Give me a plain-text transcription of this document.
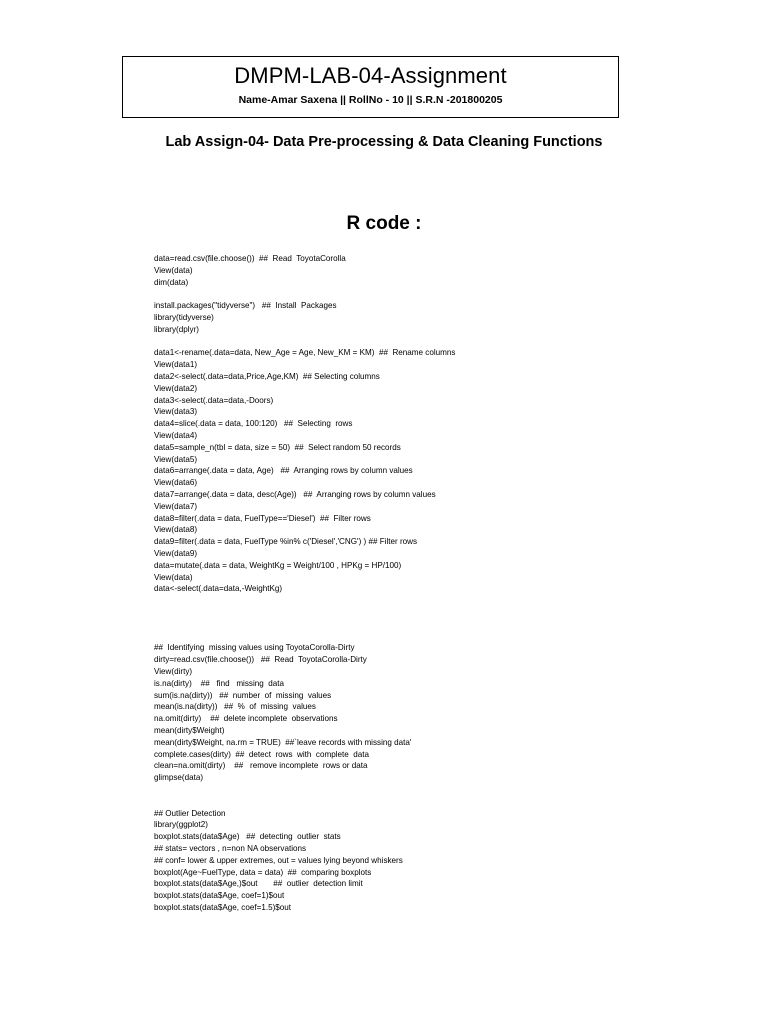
DMPM-LAB-04-Assignment
Name-Amar Saxena || RollNo - 10 || S.R.N -201800205
Lab Assign-04- Data Pre-processing & Data Cleaning Functions
R code :
data=read.csv(file.choose())  ##  Read  ToyotaCorolla
View(data)
dim(data)
install.packages("tidyverse")   ##  Install  Packages
library(tidyverse)
library(dplyr)
data1<-rename(.data=data, New_Age = Age, New_KM = KM)  ##  Rename columns
View(data1)
data2<-select(.data=data,Price,Age,KM)  ## Selecting columns
View(data2)
data3<-select(.data=data,-Doors)
View(data3)
data4=slice(.data = data, 100:120)   ##  Selecting  rows
View(data4)
data5=sample_n(tbl = data, size = 50)  ##  Select random 50 records
View(data5)
data6=arrange(.data = data, Age)   ##  Arranging rows by column values
View(data6)
data7=arrange(.data = data, desc(Age))   ##  Arranging rows by column values
View(data7)
data8=filter(.data = data, FuelType=='Diesel')  ##  Filter rows
View(data8)
data9=filter(.data = data, FuelType %in% c('Diesel','CNG') ) ## Filter rows
View(data9)
data=mutate(.data = data, WeightKg = Weight/100 , HPKg = HP/100)
View(data)
data<-select(.data=data,-WeightKg)
##  Identifying  missing values using ToyotaCorolla-Dirty
dirty=read.csv(file.choose())   ##  Read  ToyotaCorolla-Dirty
View(dirty)
is.na(dirty)    ##   find   missing  data
sum(is.na(dirty))   ##  number  of  missing  values
mean(is.na(dirty))   ##  %  of  missing  values
na.omit(dirty)    ##  delete incomplete  observations
mean(dirty$Weight)
mean(dirty$Weight, na.rm = TRUE)  ##`leave records with missing data'
complete.cases(dirty)  ##  detect  rows  with  complete  data
clean=na.omit(dirty)    ##   remove incomplete  rows or data
glimpse(data)
## Outlier Detection
library(ggplot2)
boxplot.stats(data$Age)   ##  detecting  outlier  stats
## stats= vectors , n=non NA observations
## conf= lower & upper extremes, out = values lying beyond whiskers
boxplot(Age~FuelType, data = data)  ##  comparing boxplots
boxplot.stats(data$Age,)$out       ##  outlier  detection limit
boxplot.stats(data$Age, coef=1)$out
boxplot.stats(data$Age, coef=1.5)$out
